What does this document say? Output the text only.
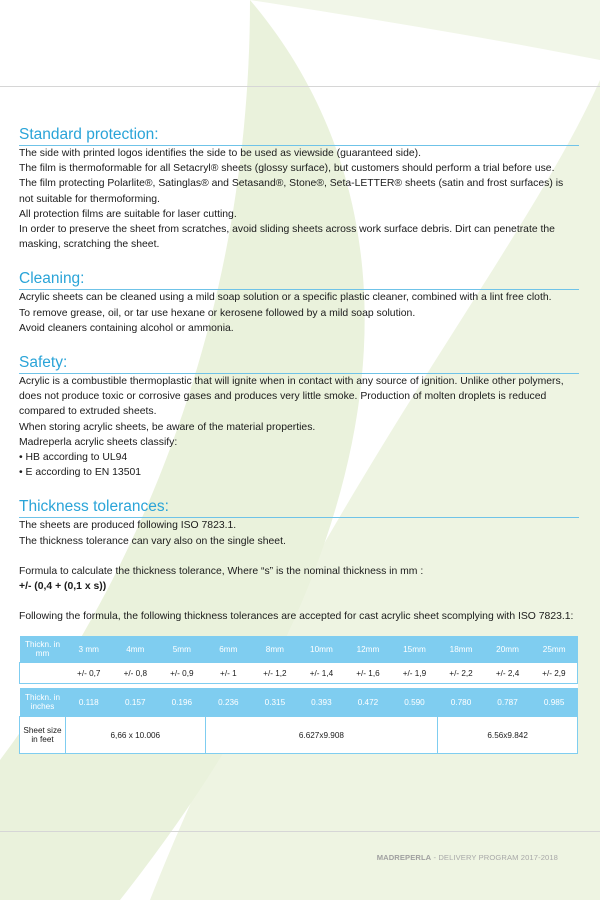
Standard protection:

The side with printed logos identifies the side to be used as viewside (guaranteed side).

The film is thermoformable for all Setacryl® sheets (glossy surface), but customers should perform a trial before use.

The film protecting Polarlite®, Satinglas® and Setasand®, Stone®, Seta-LETTER® sheets (satin and frost surfaces) is not suitable for thermoforming.

All protection films are suitable for laser cutting.

In order to preserve the sheet from scratches, avoid sliding sheets across work surface debris. Dirt can penetrate the masking, scratching the sheet.

Cleaning:

Acrylic sheets can be cleaned using a mild soap solution or a specific plastic cleaner, combined with a lint free cloth.

To remove grease, oil, or tar use hexane or kerosene followed by a mild soap solution.

Avoid cleaners containing alcohol or ammonia.

Safety:

Acrylic is a combustible thermoplastic that will ignite when in contact with any source of ignition. Unlike other polymers, does not produce toxic or corrosive gases and produces very little smoke. Production of molten droplets is reduced compared to extruded sheets.

When storing acrylic sheets, be aware of the material properties.

Madreperla acrylic sheets classify:

• HB according to UL94

• E according to EN 13501

Thickness tolerances:

The sheets are produced following ISO 7823.1.

The thickness tolerance can vary also on the single sheet.

Formula to calculate the thickness tolerance, Where “s” is the nominal thickness in mm :

+/- (0,4 + (0,1 x s))

Following the formula, the following thickness tolerances are accepted for cast acrylic sheet scomplying with ISO 7823.1:

Thickn. in mm	3 mm	4mm	5mm	6mm	8mm	10mm	12mm	15mm	18mm	20mm	25mm
	+/- 0,7	+/- 0,8	+/- 0,9	+/- 1	+/- 1,2	+/- 1,4	+/- 1,6	+/- 1,9	+/- 2,2	+/- 2,4	+/- 2,9

Thickn. in inches	0.118	0.157	0.196	0.236	0.315	0.393	0.472	0.590	0.780	0.787	0.985
Sheet size in feet	6,66 x 10.006			6.627x9.908					6.56x9.842		
MADREPERLA - DELIVERY PROGRAM 2017-2018
